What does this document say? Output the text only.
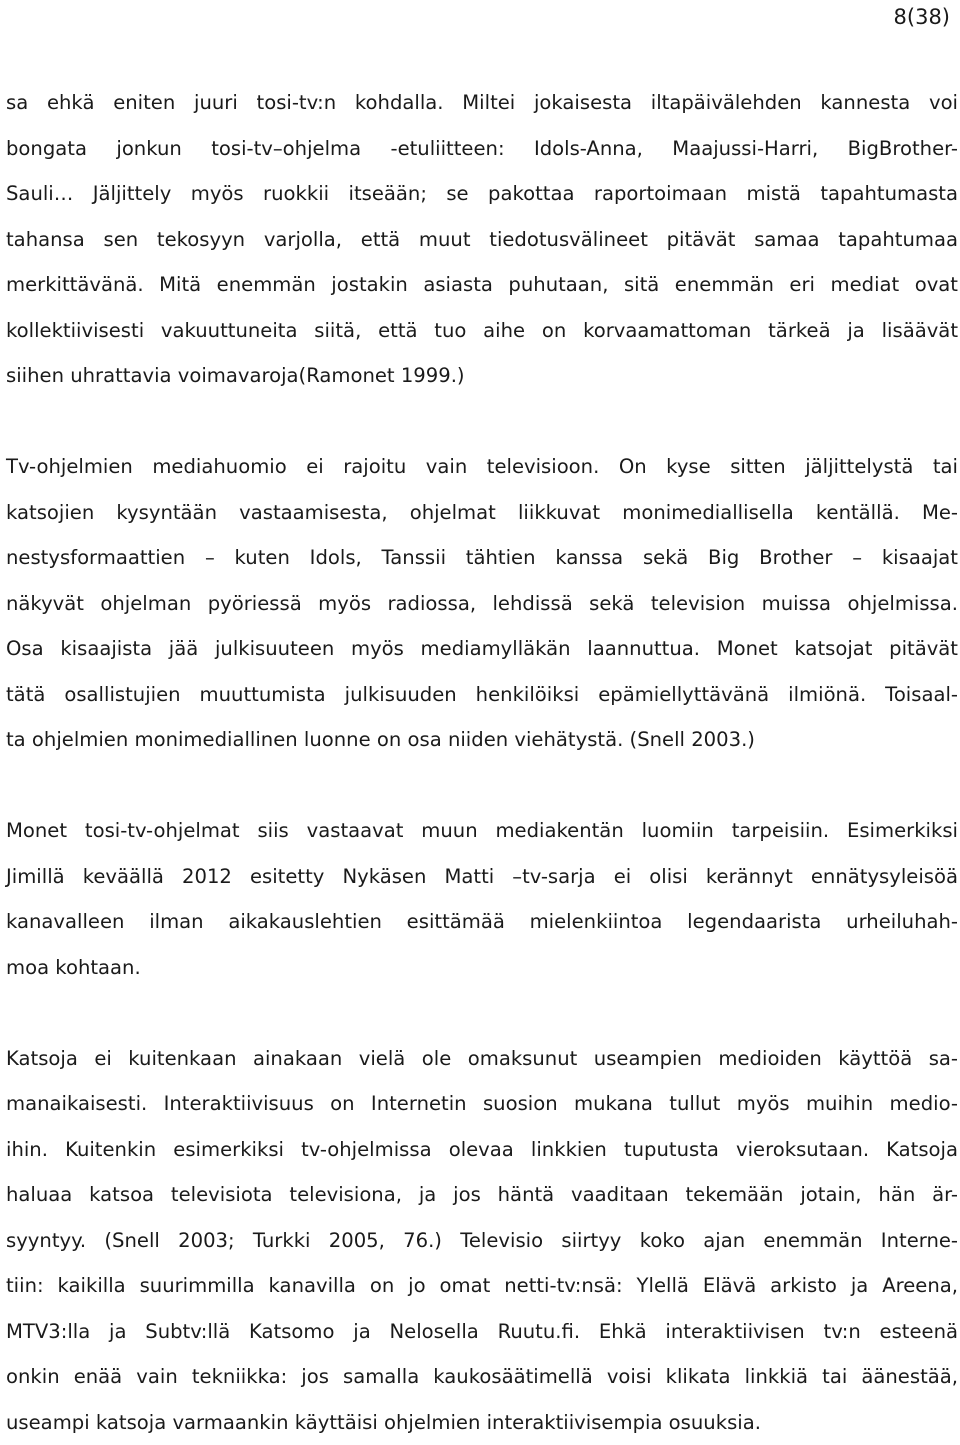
8(38)
sa ehkä eniten juuri tosi-tv:n kohdalla. Miltei jokaisesta iltapäivälehden kannesta voi
bongata jonkun tosi-tv–ohjelma -etuliitteen: Idols-Anna, Maajussi-Harri, BigBrother-
Sauli… Jäljittely myös ruokkii itseään; se pakottaa raportoimaan mistä tapahtumasta
tahansa sen tekosyyn varjolla, että muut tiedotusvälineet pitävät samaa tapahtumaa
merkittävänä. Mitä enemmän jostakin asiasta puhutaan, sitä enemmän eri mediat ovat
kollektiivisesti vakuuttuneita siitä, että tuo aihe on korvaamattoman tärkeä ja lisäävät
siihen uhrattavia voimavaroja(Ramonet 1999.)
Tv-ohjelmien mediahuomio ei rajoitu vain televisioon. On kyse sitten jäljittelystä tai
katsojien kysyntään vastaamisesta, ohjelmat liikkuvat monimediallisella kentällä. Me-
nestysformaattien – kuten Idols, Tanssii tähtien kanssa sekä Big Brother – kisaajat
näkyvät ohjelman pyöriessä myös radiossa, lehdissä sekä television muissa ohjelmissa.
Osa kisaajista jää julkisuuteen myös mediamylläkän laannuttua. Monet katsojat pitävät
tätä osallistujien muuttumista julkisuuden henkilöiksi epämiellyttävänä ilmiönä. Toisaal-
ta ohjelmien monimediallinen luonne on osa niiden viehätystä. (Snell 2003.)
Monet tosi-tv-ohjelmat siis vastaavat muun mediakentän luomiin tarpeisiin. Esimerkiksi
Jimillä keväällä 2012 esitetty Nykäsen Matti –tv-sarja ei olisi kerännyt ennätysyleisöä
kanavalleen ilman aikakauslehtien esittämää mielenkiintoa legendaarista urheiluhah-
moa kohtaan.
Katsoja ei kuitenkaan ainakaan vielä ole omaksunut useampien medioiden käyttöä sa-
manaikaisesti. Interaktiivisuus on Internetin suosion mukana tullut myös muihin medio-
ihin. Kuitenkin esimerkiksi tv-ohjelmissa olevaa linkkien tuputusta vieroksutaan. Katsoja
haluaa katsoa televisiota televisiona, ja jos häntä vaaditaan tekemään jotain, hän är-
syyntyy. (Snell 2003; Turkki 2005, 76.) Televisio siirtyy koko ajan enemmän Interne-
tiin: kaikilla suurimmilla kanavilla on jo omat netti-tv:nsä: Ylellä Elävä arkisto ja Areena,
MTV3:lla ja Subtv:llä Katsomo ja Nelosella Ruutu.fi. Ehkä interaktiivisen tv:n esteenä
onkin enää vain tekniikka: jos samalla kaukosäätimellä voisi klikata linkkiä tai äänestää,
useampi katsoja varmaankin käyttäisi ohjelmien interaktiivisempia osuuksia.
